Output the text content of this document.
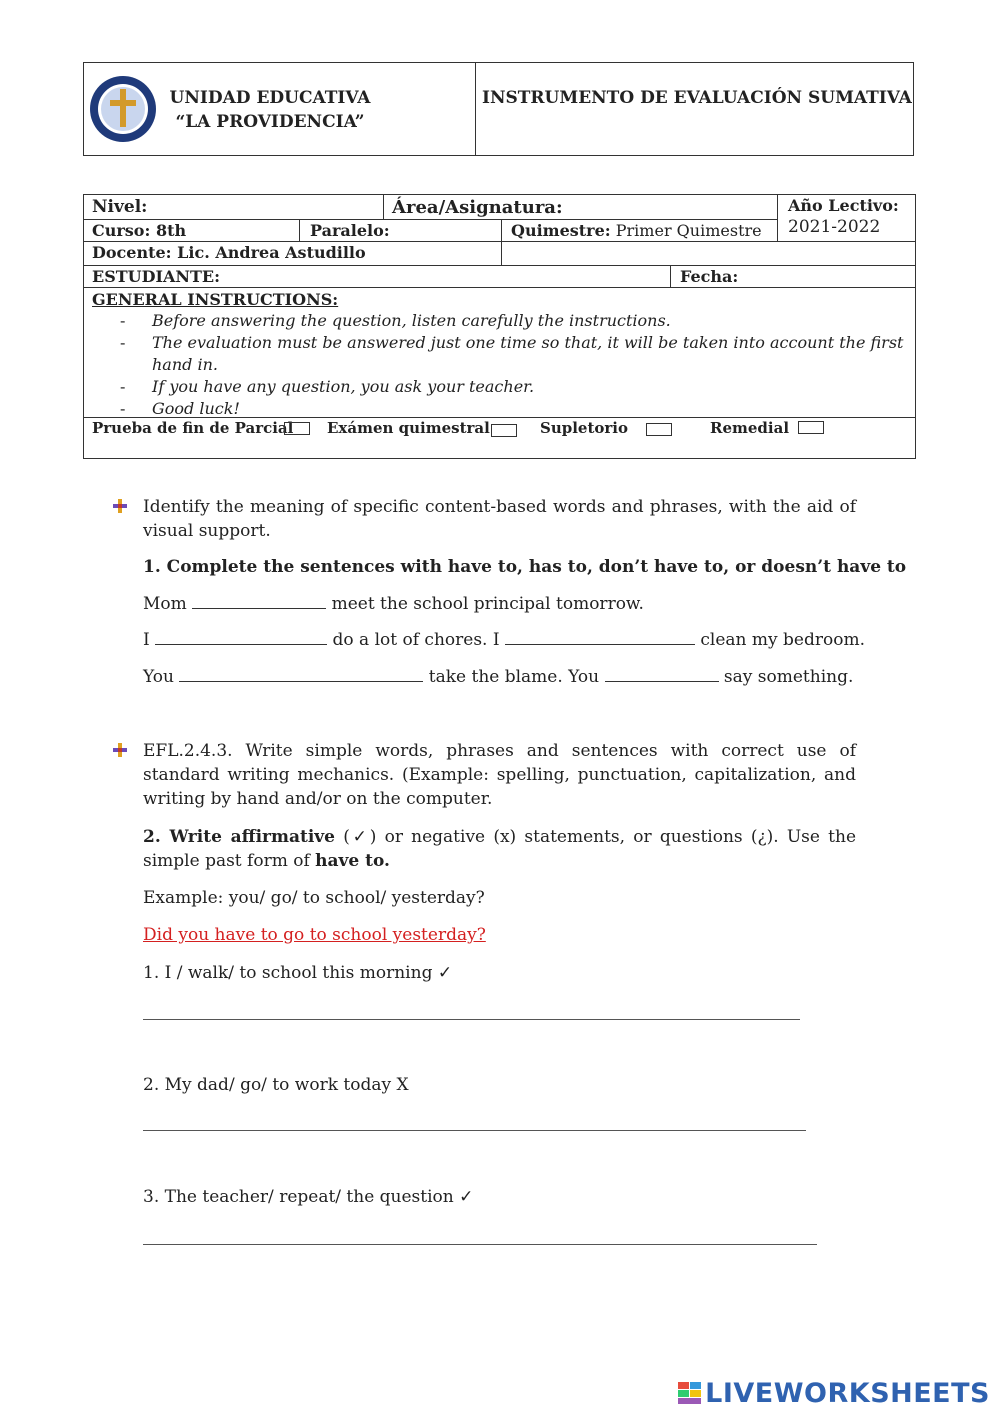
UNIDAD EDUCATIVA
“LA PROVIDENCIA”
INSTRUMENTO DE EVALUACIÓN SUMATIVA
Nivel:	Área/Asignatura:	Año Lectivo:
2021-2022
Curso: 8th	Paralelo:	Quimestre: Primer Quimestre
Docente: Lic. Andrea Astudillo
ESTUDIANTE:	Fecha:
GENERAL INSTRUCTIONS:
- Before answering the question, listen carefully the instructions.
- The evaluation must be answered just one time so that, it will be taken into account the first hand in.
- If you have any question, you ask your teacher.
- Good luck!
Prueba de fin de Parcial Exámen quimestral	Supletorio	Remedial
Identify the meaning of specific content-based words and phrases, with the aid of visual support.
1. Complete the sentences with have to, has to, don’t have to, or doesn’t have to
Mom	meet the school principal tomorrow.
I	do a lot of chores. I	clean my bedroom.
You	take the blame. You	say something.
EFL.2.4.3. Write simple words, phrases and sentences with correct use of standard writing mechanics. (Example: spelling, punctuation, capitalization, and writing by hand and/or on the computer.
2. Write affirmative (✓) or negative (x) statements, or questions (¿). Use the simple past form of have to.
Example: you/ go/ to school/ yesterday?
Did you have to go to school yesterday?
1. I / walk/ to school this morning ✓
2. My dad/ go/ to work today X
3. The teacher/ repeat/ the question ✓
LIVEWORKSHEETS
